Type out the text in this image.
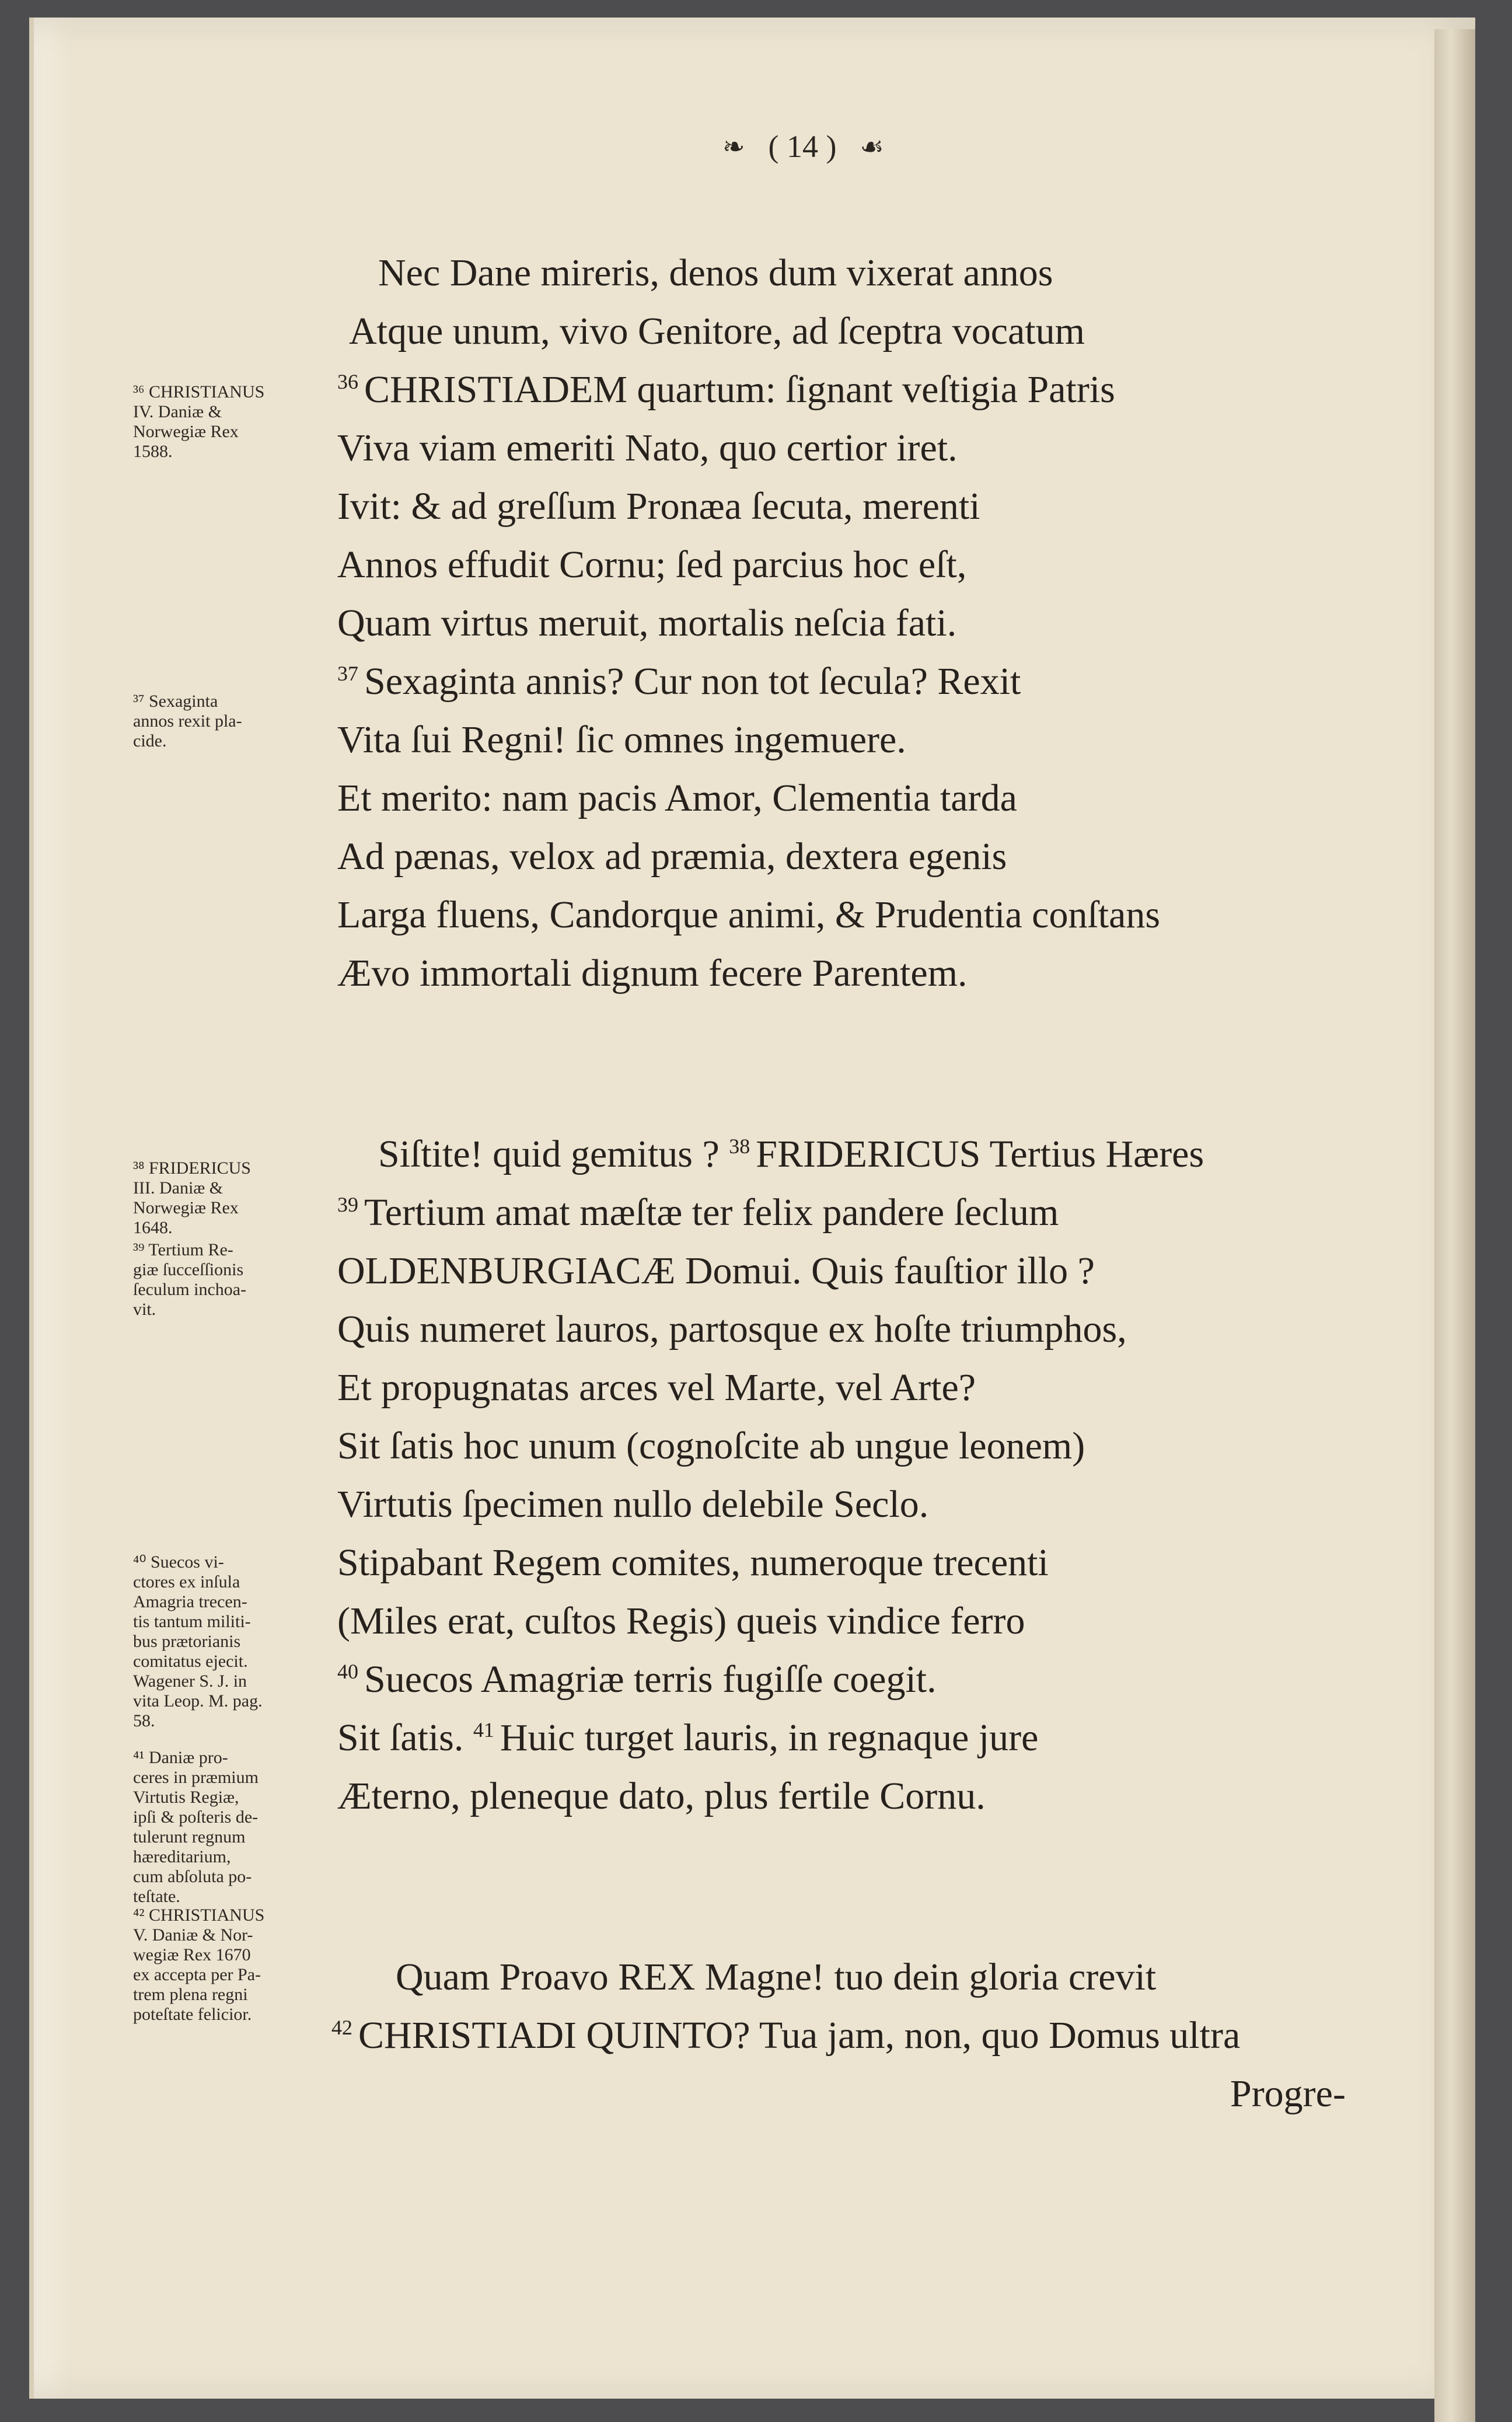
❧ ( 14 ) ☙
Nec Dane mireris, denos dum vixerat annos
Atque unum, vivo Genitore, ad ſceptra vocatum
$^{36}$ CHRISTIADEM quartum: ſignant veſtigia Patris
Viva viam emeriti Nato, quo certior iret.
Ivit: & ad greſſum Pronæa ſecuta, merenti
Annos effudit Cornu; ſed parcius hoc eſt,
Quam virtus meruit, mortalis neſcia fati.
$^{37}$ Sexaginta annis? Cur non tot ſecula? Rexit
Vita ſui Regni! ſic omnes ingemuere.
Et merito: nam pacis Amor, Clementia tarda
Ad pænas, velox ad præmia, dextera egenis
Larga fluens, Candorque animi, & Prudentia conſtans
Ævo immortali dignum fecere Parentem.
Siſtite! quid gemitus ? $^{38}$ FRIDERICUS Tertius Hæres
$^{39}$ Tertium amat mæſtæ ter felix pandere ſeclum
OLDENBURGIACÆ Domui. Quis fauſtior illo ?
Quis numeret lauros, partosque ex hoſte triumphos,
Et propugnatas arces vel Marte, vel Arte?
Sit ſatis hoc unum (cognoſcite ab ungue leonem)
Virtutis ſpecimen nullo delebile Seclo.
Stipabant Regem comites, numeroque trecenti
(Miles erat, cuſtos Regis) queis vindice ferro
$^{40}$ Suecos Amagriæ terris fugiſſe coegit.
Sit ſatis. $^{41}$ Huic turget lauris, in regnaque jure
Æterno, pleneque dato, plus fertile Cornu.
Quam Proavo REX Magne! tuo dein gloria crevit
$^{42}$ CHRISTIADI QUINTO? Tua jam, non, quo Domus ultra
Progre-
³⁶ CHRISTIANUS
IV. Daniæ &
Norwegiæ Rex
1588.
³⁷ Sexaginta
annos rexit pla-
cide.
³⁸ FRIDERICUS
III. Daniæ &
Norwegiæ Rex
1648.
³⁹ Tertium Re-
giæ ſucceſſionis
ſeculum inchoa-
vit.
⁴⁰ Suecos vi-
ctores ex inſula
Amagria trecen-
tis tantum militi-
bus prætorianis
comitatus ejecit.
Wagener S. J. in
vita Leop. M. pag.
58.
⁴¹ Daniæ pro-
ceres in præmium
Virtutis Regiæ,
ipſi & poſteris de-
tulerunt regnum
hæreditarium,
cum abſoluta po-
teſtate.
⁴² CHRISTIANUS
V. Daniæ & Nor-
wegiæ Rex 1670
ex accepta per Pa-
trem plena regni
poteſtate felicior.
